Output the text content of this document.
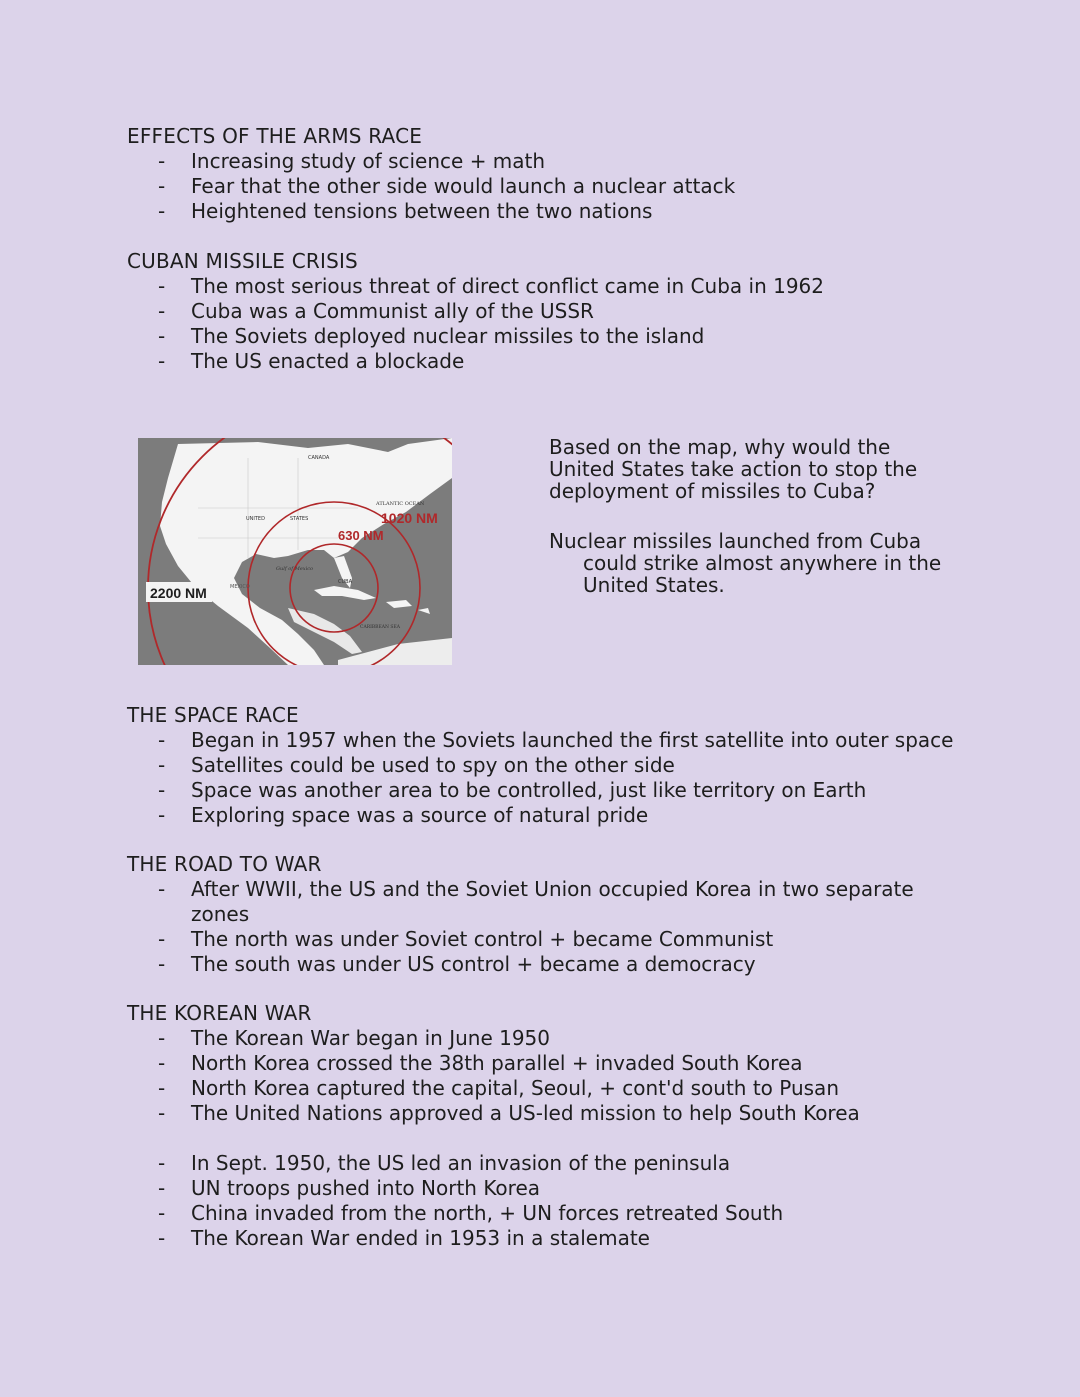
EFFECTS OF THE ARMS RACE
- Increasing study of science + math
- Fear that the other side would launch a nuclear attack
- Heightened tensions between the two nations
CUBAN MISSILE CRISIS
- The most serious threat of direct conflict came in Cuba in 1962
- Cuba was a Communist ally of the USSR
- The Soviets deployed nuclear missiles to the island
- The US enacted a blockade
CANADA
ATLANTIC OCEAN
UNITED	STATES
Gulf of Mexico
MEXICO
CARIBBEAN SEA
CUBA
1020 NM
630 NM
2200 NM

Based on the map, why would the United States take action to stop the deployment of missiles to Cuba?

Nuclear missiles launched from Cuba
could strike almost anywhere in the
United States.

THE SPACE RACE
- Began in 1957 when the Soviets launched the first satellite into outer space
- Satellites could be used to spy on the other side
- Space was another area to be controlled, just like territory on Earth
- Exploring space was a source of natural pride
THE ROAD TO WAR
- After WWII, the US and the Soviet Union occupied Korea in two separate zones
- The north was under Soviet control + became Communist
- The south was under US control + became a democracy
THE KOREAN WAR
- The Korean War began in June 1950
- North Korea crossed the 38th parallel + invaded South Korea
- North Korea captured the capital, Seoul, + cont'd south to Pusan
- The United Nations approved a US-led mission to help South Korea
- In Sept. 1950, the US led an invasion of the peninsula
- UN troops pushed into North Korea
- China invaded from the north, + UN forces retreated South
- The Korean War ended in 1953 in a stalemate
